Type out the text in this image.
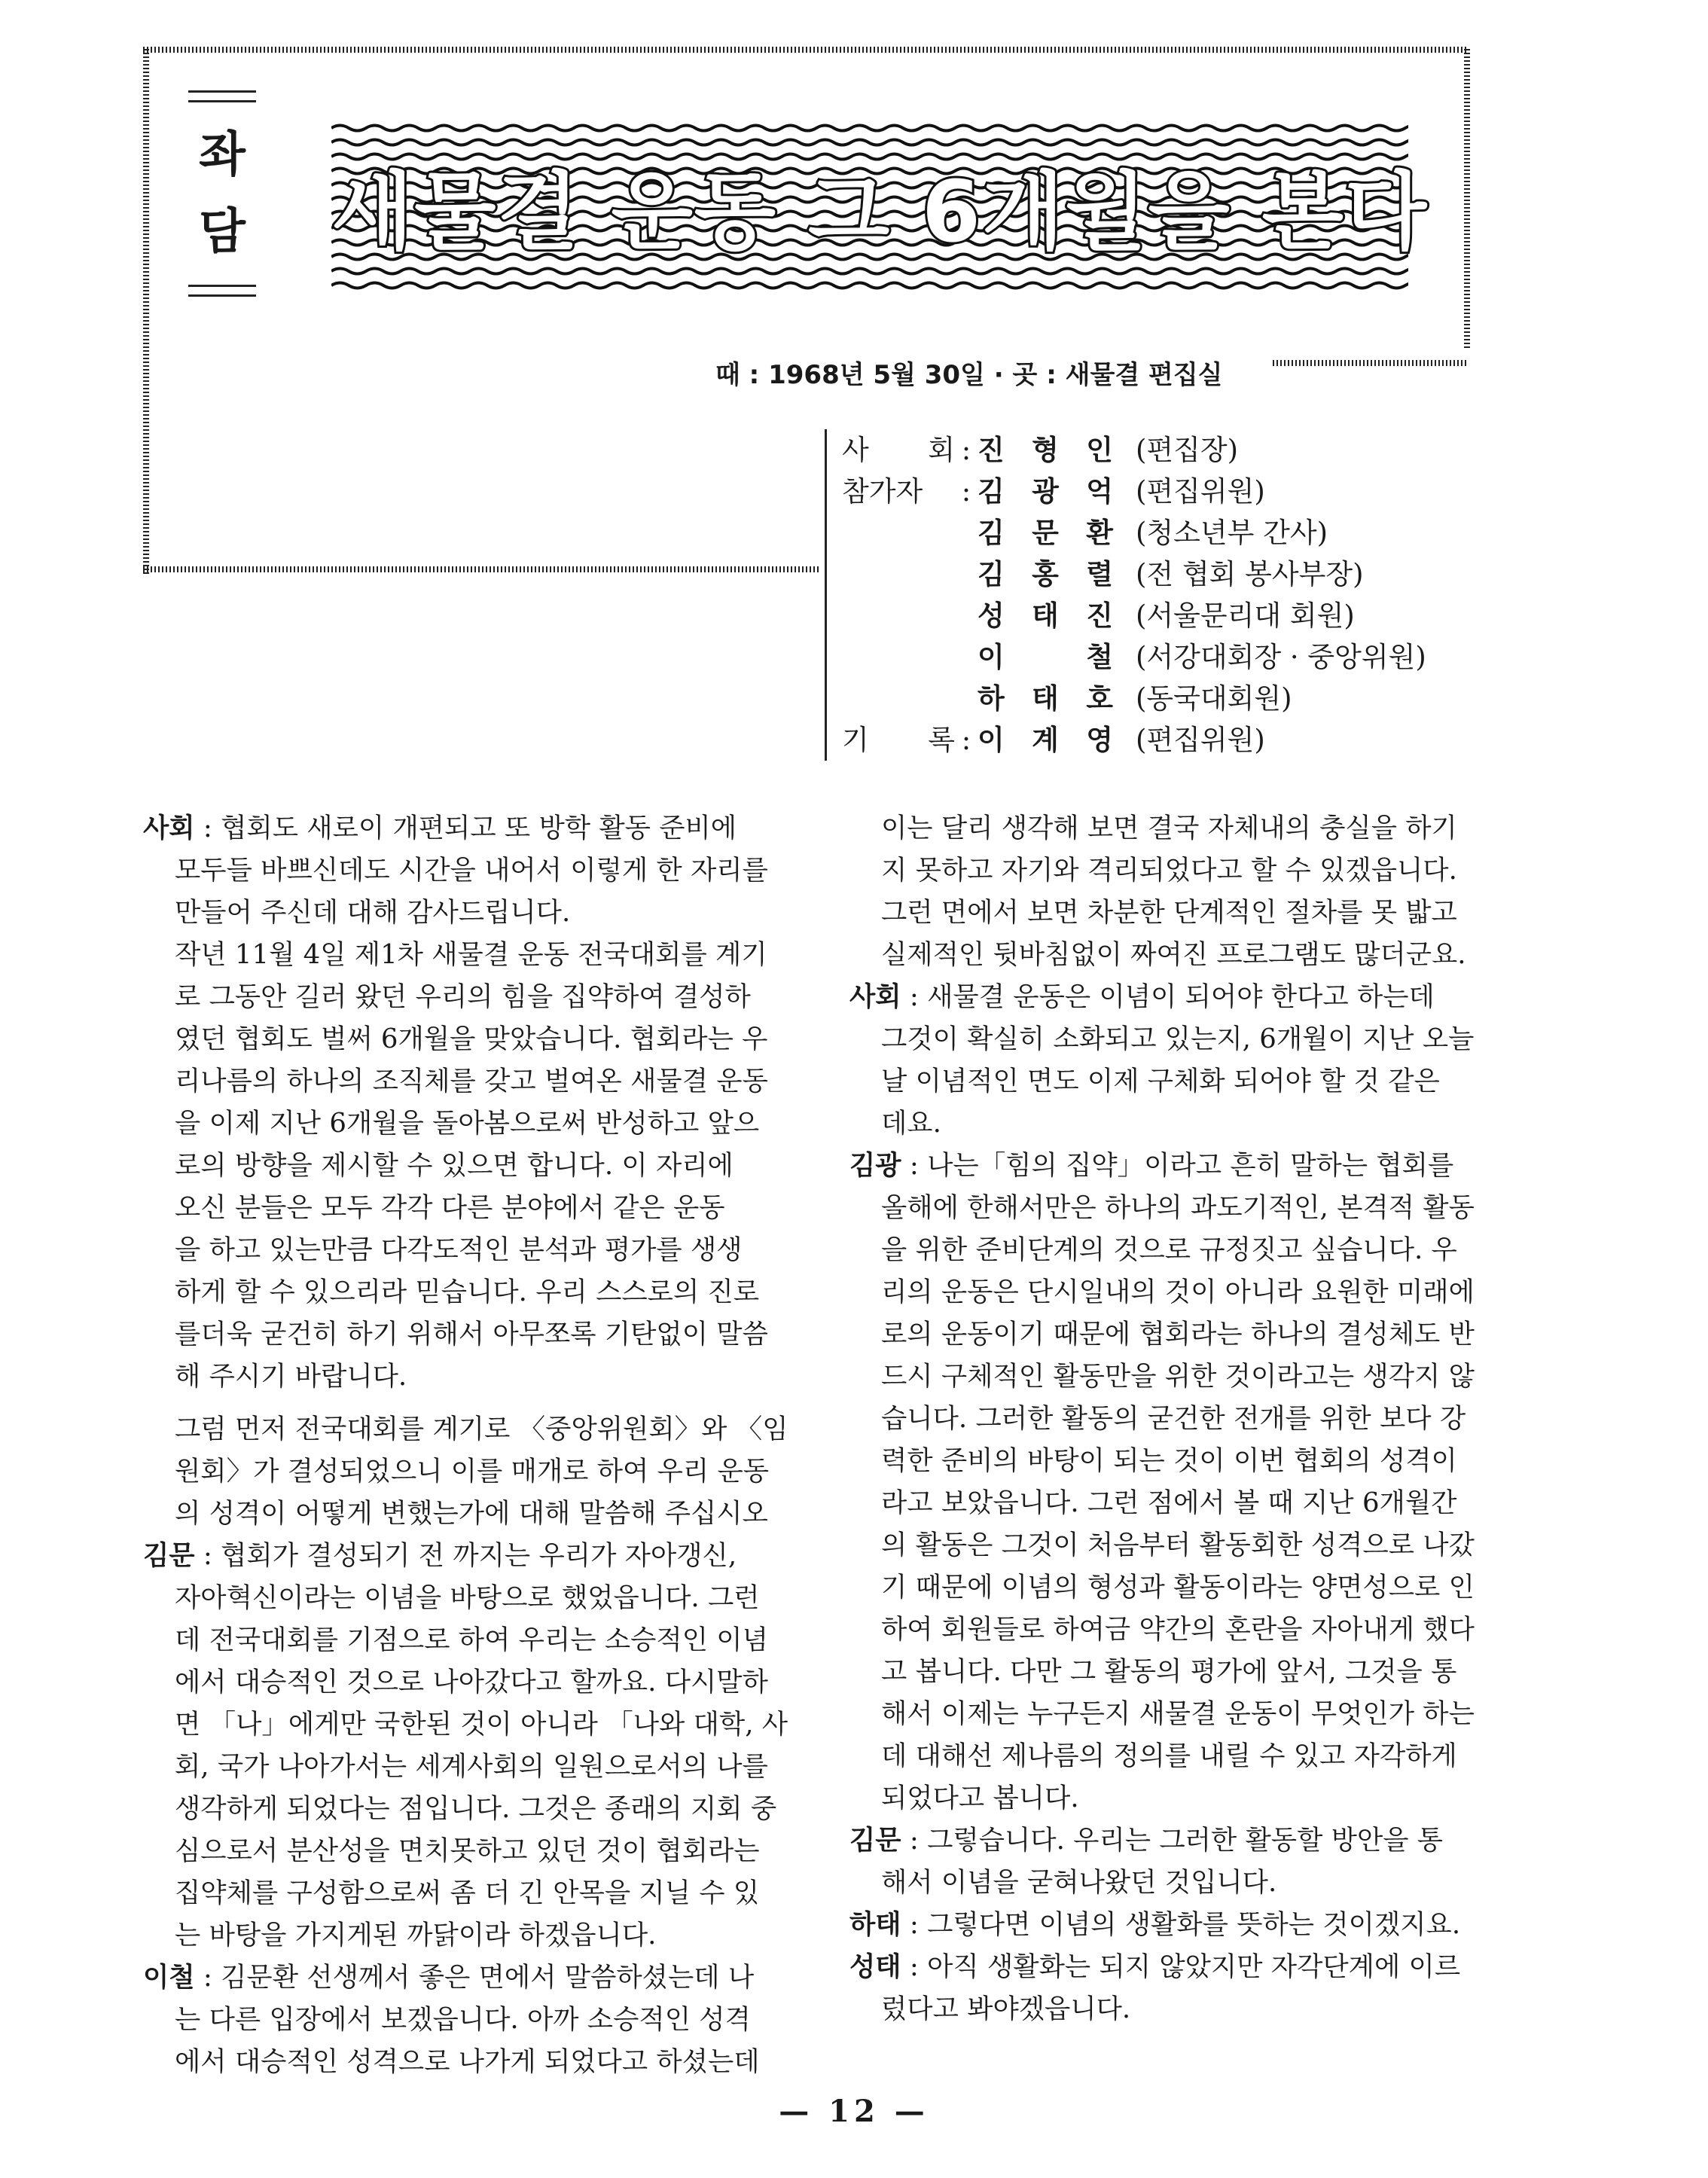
좌
담 새물결 운동 그 6개월을 본다
때 : 1968년 5월 30일 · 곳 : 새물결 편집실
사 회 : 진 형 인 (편집장)
참가자	: 김 광 억 (편집위원)
김 문 환 (청소년부 간사)
김 홍 렬 (전 협회 봉사부장)
성 태 진 (서울문리대 회원)
이 철 (서강대회장 · 중앙위원)
하 태 호 (동국대회원)
기 록 : 이 계 영 (편집위원)
사회 : 협회도 새로이 개편되고 또 방학 활동 준비에
모두들 바쁘신데도 시간을 내어서 이렇게 한 자리를
만들어 주신데 대해 감사드립니다.
작년 11월 4일 제1차 새물결 운동 전국대회를 계기
로 그동안 길러 왔던 우리의 힘을 집약하여 결성하
였던 협회도 벌써 6개월을 맞았습니다. 협회라는 우
리나름의 하나의 조직체를 갖고 벌여온 새물결 운동
을 이제 지난 6개월을 돌아봄으로써 반성하고 앞으
로의 방향을 제시할 수 있으면 합니다. 이 자리에
오신 분들은 모두 각각 다른 분야에서 같은 운동
을 하고 있는만큼 다각도적인 분석과 평가를 생생
하게 할 수 있으리라 믿습니다. 우리 스스로의 진로
를더욱 굳건히 하기 위해서 아무쪼록 기탄없이 말씀
해 주시기 바랍니다.
그럼 먼저 전국대회를 계기로 〈중앙위원회〉와 〈임
원회〉가 결성되었으니 이를 매개로 하여 우리 운동
의 성격이 어떻게 변했는가에 대해 말씀해 주십시오
김문 : 협회가 결성되기 전 까지는 우리가 자아갱신,
자아혁신이라는 이념을 바탕으로 했었읍니다. 그런
데 전국대회를 기점으로 하여 우리는 소승적인 이념
에서 대승적인 것으로 나아갔다고 할까요. 다시말하
면 「나」에게만 국한된 것이 아니라 「나와 대학, 사
회, 국가 나아가서는 세계사회의 일원으로서의 나를
생각하게 되었다는 점입니다. 그것은 종래의 지회 중
심으로서 분산성을 면치못하고 있던 것이 협회라는
집약체를 구성함으로써 좀 더 긴 안목을 지닐 수 있
는 바탕을 가지게된 까닭이라 하겠읍니다.
이철 : 김문환 선생께서 좋은 면에서 말씀하셨는데 나
는 다른 입장에서 보겠읍니다. 아까 소승적인 성격
에서 대승적인 성격으로 나가게 되었다고 하셨는데
이는 달리 생각해 보면 결국 자체내의 충실을 하기
지 못하고 자기와 격리되었다고 할 수 있겠읍니다.
그런 면에서 보면 차분한 단계적인 절차를 못 밟고
실제적인 뒷바침없이 짜여진 프로그램도 많더군요.
사회 : 새물결 운동은 이념이 되어야 한다고 하는데
그것이 확실히 소화되고 있는지, 6개월이 지난 오늘
날 이념적인 면도 이제 구체화 되어야 할 것 같은
데요.
김광 : 나는「힘의 집약」이라고 흔히 말하는 협회를
올해에 한해서만은 하나의 과도기적인, 본격적 활동
을 위한 준비단계의 것으로 규정짓고 싶습니다. 우
리의 운동은 단시일내의 것이 아니라 요원한 미래에
로의 운동이기 때문에 협회라는 하나의 결성체도 반
드시 구체적인 활동만을 위한 것이라고는 생각지 않
습니다. 그러한 활동의 굳건한 전개를 위한 보다 강
력한 준비의 바탕이 되는 것이 이번 협회의 성격이
라고 보았읍니다. 그런 점에서 볼 때 지난 6개월간
의 활동은 그것이 처음부터 활동회한 성격으로 나갔
기 때문에 이념의 형성과 활동이라는 양면성으로 인
하여 회원들로 하여금 약간의 혼란을 자아내게 했다
고 봅니다. 다만 그 활동의 평가에 앞서, 그것을 통
해서 이제는 누구든지 새물결 운동이 무엇인가 하는
데 대해선 제나름의 정의를 내릴 수 있고 자각하게
되었다고 봅니다.
김문 : 그렇습니다. 우리는 그러한 활동할 방안을 통
해서 이념을 굳혀나왔던 것입니다.
하태 : 그렇다면 이념의 생활화를 뜻하는 것이겠지요.
성태 : 아직 생활화는 되지 않았지만 자각단계에 이르
렀다고 봐야겠읍니다.
— 12 —
